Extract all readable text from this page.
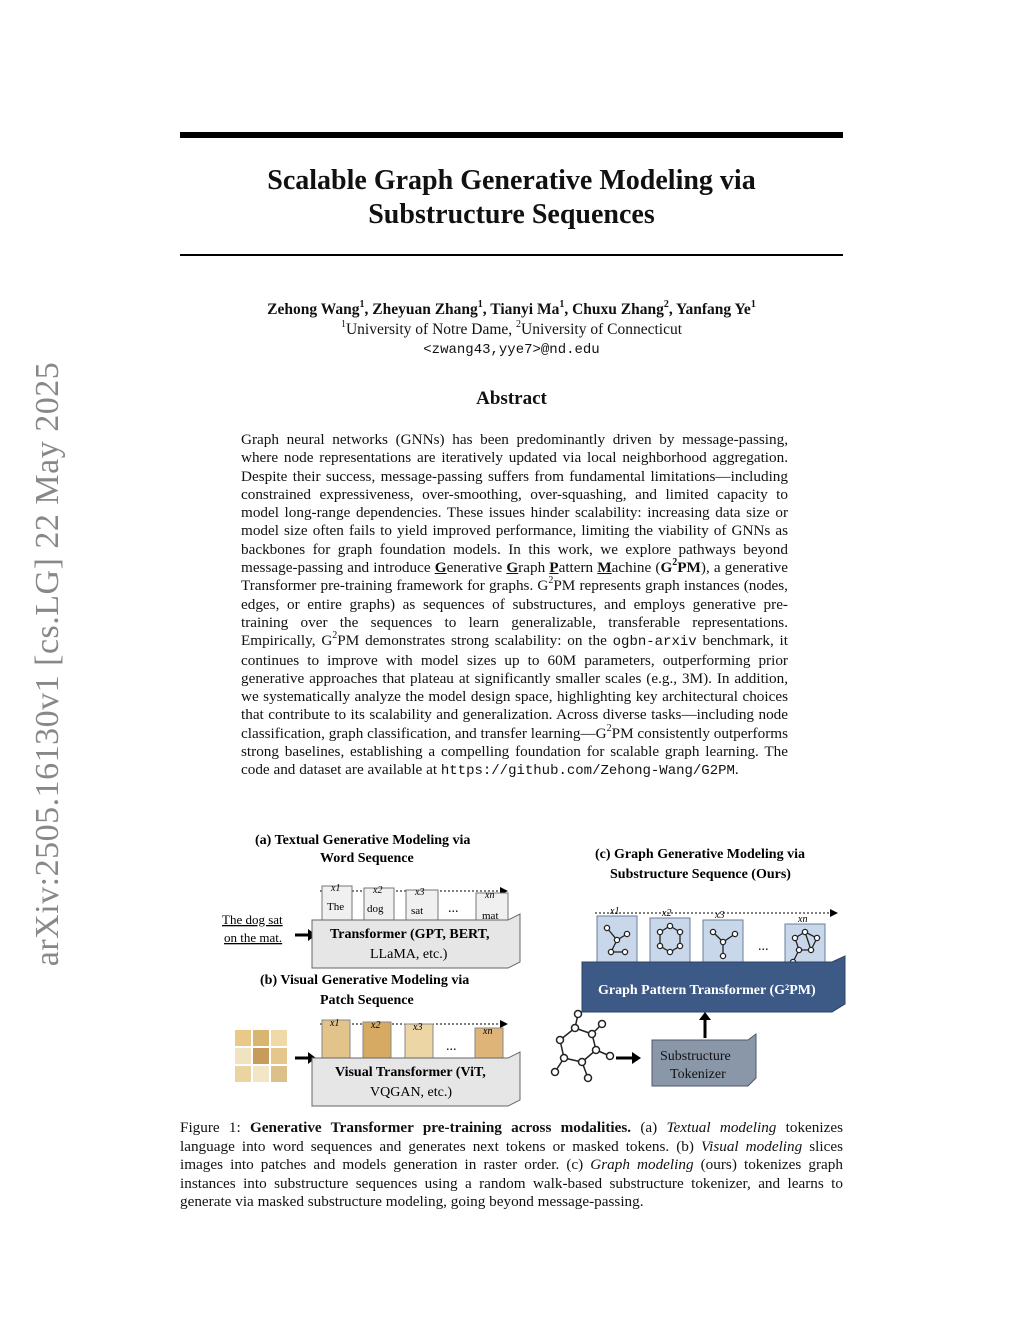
arXiv:2505.16130v1 [cs.LG] 22 May 2025
Scalable Graph Generative Modeling via
Substructure Sequences
Zehong Wang$^1$, Zheyuan Zhang$^1$, Tianyi Ma$^1$, Chuxu Zhang$^2$, Yanfang Ye$^1$
$^1$University of Notre Dame, $^2$University of Connecticut
<zwang43,yye7>@nd.edu
Abstract

Graph neural networks (GNNs) has been predominantly driven by message-passing, where node representations are iteratively updated via local neighborhood aggregation. Despite their success, message-passing suffers from fundamental limitations—including constrained expressiveness, over-smoothing, over-squashing, and limited capacity to model long-range dependencies. These issues hinder scalability: increasing data size or model size often fails to yield improved performance, limiting the viability of GNNs as backbones for graph foundation models. In this work, we explore pathways beyond message-passing and introduce Generative Graph Pattern Machine $(G^2PM)$, a generative Transformer pre-training framework for graphs. $G^2PM$ represents graph instances (nodes, edges, or entire graphs) as sequences of substructures, and employs generative pre-training over the sequences to learn generalizable, transferable representations. Empirically, $G^2PM$ demonstrates strong scalability: on the ogbn-arxiv benchmark, it continues to improve with model sizes up to 60M parameters, outperforming prior generative approaches that plateau at significantly smaller scales (e.g., 3M). In addition, we systematically analyze the model design space, highlighting key architectural choices that contribute to its scalability and generalization. Across diverse tasks—including node classification, graph classification, and transfer $learning—G^2PM$ consistently outperforms strong baselines, establishing a compelling foundation for scalable graph learning. The code and dataset are available at https://github.com/Zehong-Wang/G2PM.

(a) Textual Generative Modeling via
Word Sequence
The dog sat
on the mat.
x1	x2	x3	xn
The dog	sat	mat
...
Transformer (GPT, BERT,
LLaMA, etc.)
(b) Visual Generative Modeling via
Patch Sequence
x1	x2	x3	xn
...
Visual Transformer (ViT,
VQGAN, etc.)
(c) Graph Generative Modeling via
Substructure Sequence (Ours)
x1	x2	x3	xn
...
Graph Pattern Transformer (G²PM)
Substructure
Tokenizer

Figure 1: Generative Transformer pre-training across modalities. (a) Textual modeling tokenizes language into word sequences and generates next tokens or masked tokens. (b) Visual modeling slices images into patches and models generation in raster order. (c) Graph modeling (ours) tokenizes graph instances into substructure sequences using a random walk-based substructure tokenizer, and learns to generate via masked substructure modeling, going beyond message-passing.
